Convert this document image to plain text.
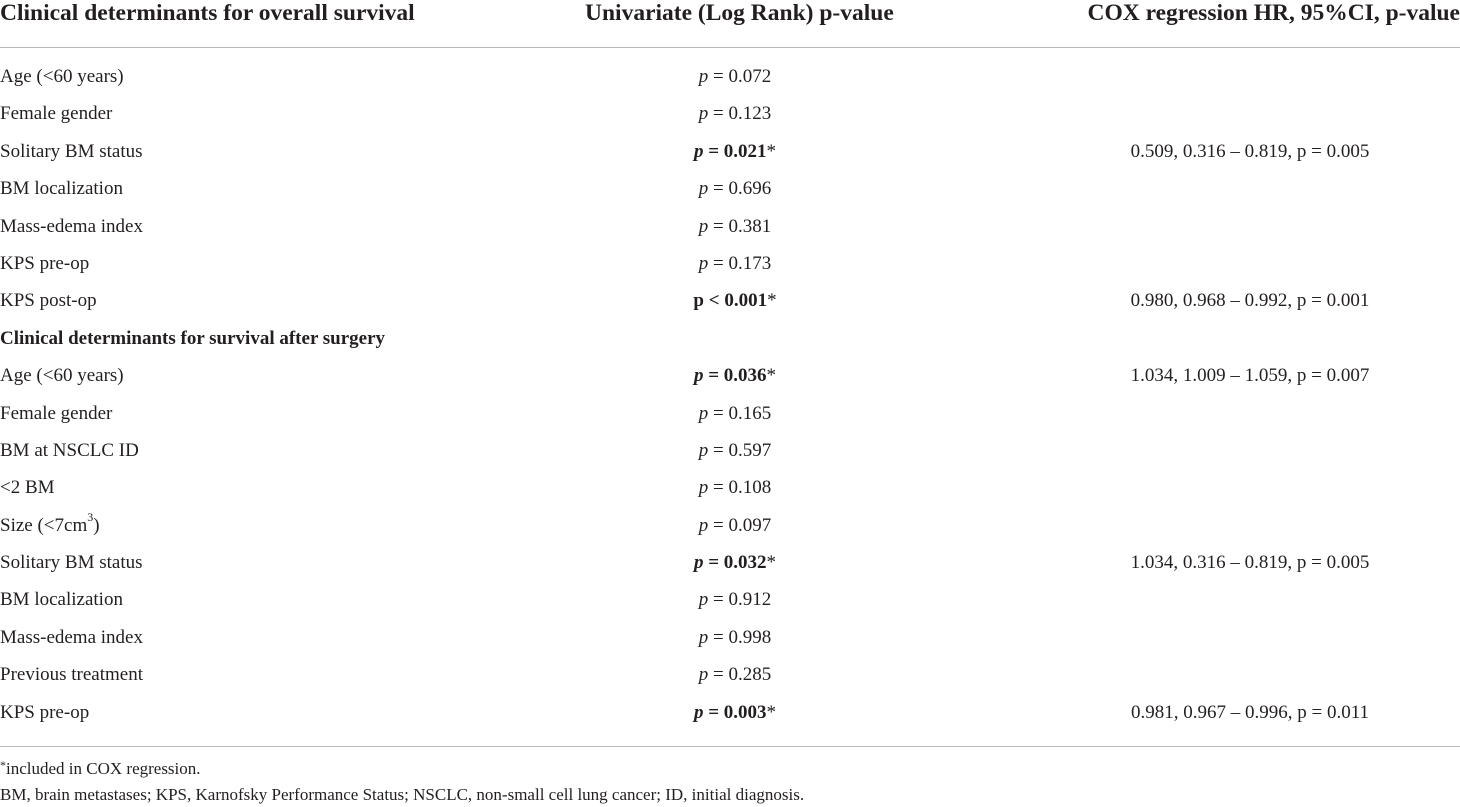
Clinical determinants for overall survival	Univariate (Log Rank) p-value	COX regression HR, 95%CI, p-value
Age (<60 years)	p = 0.072
Female gender	p = 0.123
Solitary BM status	p = 0.021*	0.509, 0.316 – 0.819, p = 0.005
BM localization	p = 0.696
Mass-edema index	p = 0.381
KPS pre-op	p = 0.173
KPS post-op	p < 0.001*	0.980, 0.968 – 0.992, p = 0.001
Clinical determinants for survival after surgery
Age (<60 years)	p = 0.036*	1.034, 1.009 – 1.059, p = 0.007
Female gender	p = 0.165
BM at NSCLC ID	p = 0.597
<2 BM	p = 0.108
Size $(<7cm^3)$	p = 0.097
Solitary BM status	p = 0.032*	1.034, 0.316 – 0.819, p = 0.005
BM localization	p = 0.912
Mass-edema index	p = 0.998
Previous treatment	p = 0.285
KPS pre-op	p = 0.003*	0.981, 0.967 – 0.996, p = 0.011
*included in COX regression.
BM, brain metastases; KPS, Karnofsky Performance Status; NSCLC, non-small cell lung cancer; ID, initial diagnosis.
